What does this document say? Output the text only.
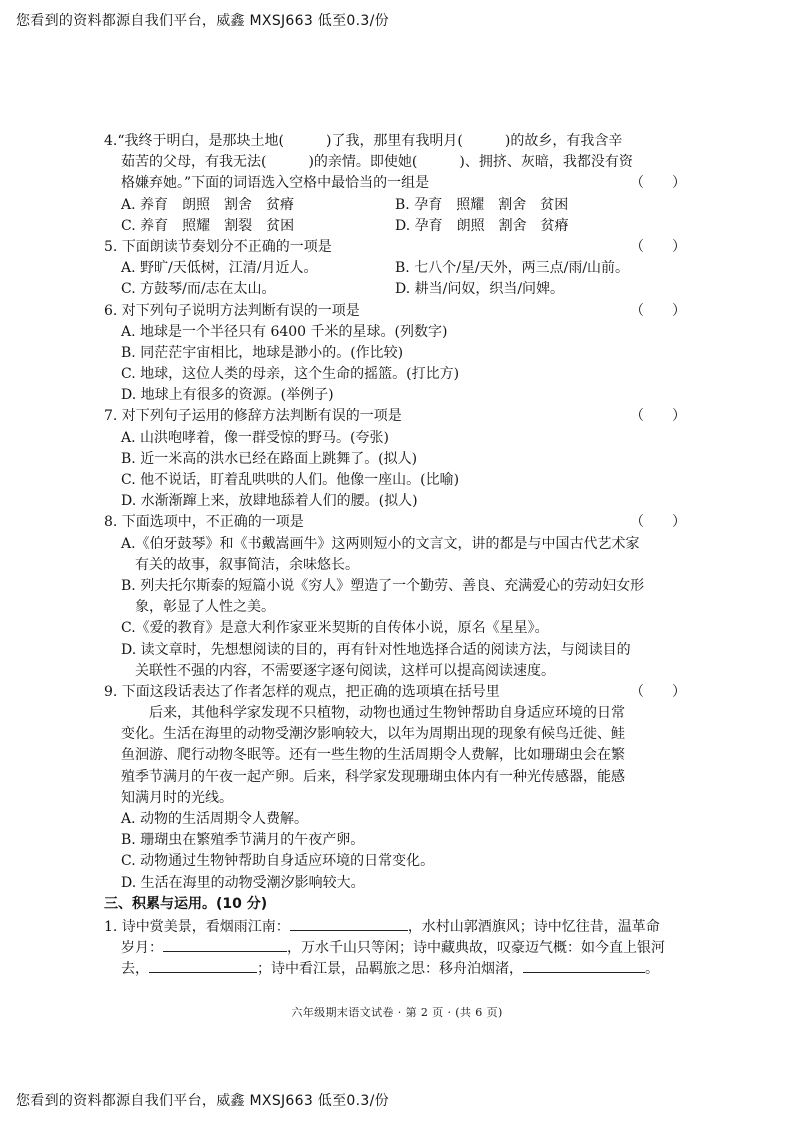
您看到的资料都源自我们平台，威鑫 MXSJ663 低至0.3/份
4.“我终于明白，是那块土地(　　　)了我，那里有我明月(　　　)的故乡，有我含辛
茹苦的父母，有我无法(　　　)的亲情。即使她(　　　)、拥挤、灰暗，我都没有资
格嫌弃她。”下面的词语选入空格中最恰当的一组是	（　　）
A. 养育　朗照　割舍　贫瘠	B. 孕育　照耀　割舍　贫困
C. 养育　照耀　割裂　贫困	D. 孕育　朗照　割舍　贫瘠
5. 下面朗读节奏划分不正确的一项是	（　　）
A. 野旷/天低树，江清/月近人。	B. 七八个/星/天外，两三点/雨/山前。
C. 方鼓琴/而/志在太山。	D. 耕当/问奴，织当/问婢。
6. 对下列句子说明方法判断有误的一项是	（　　）
A. 地球是一个半径只有 6400 千米的星球。(列数字)
B. 同茫茫宇宙相比，地球是渺小的。(作比较)
C. 地球，这位人类的母亲，这个生命的摇篮。(打比方)
D. 地球上有很多的资源。(举例子)
7. 对下列句子运用的修辞方法判断有误的一项是	（　　）
A. 山洪咆哮着，像一群受惊的野马。(夸张)
B. 近一米高的洪水已经在路面上跳舞了。(拟人)
C. 他不说话，盯着乱哄哄的人们。他像一座山。(比喻)
D. 水渐渐蹿上来，放肆地舔着人们的腰。(拟人)
8. 下面选项中，不正确的一项是	（　　）
A.《伯牙鼓琴》和《书戴嵩画牛》这两则短小的文言文，讲的都是与中国古代艺术家
有关的故事，叙事简洁，余味悠长。
B. 列夫托尔斯泰的短篇小说《穷人》塑造了一个勤劳、善良、充满爱心的劳动妇女形
象，彰显了人性之美。
C.《爱的教育》是意大利作家亚米契斯的自传体小说，原名《星星》。
D. 读文章时，先想想阅读的目的，再有针对性地选择合适的阅读方法，与阅读目的
关联性不强的内容，不需要逐字逐句阅读，这样可以提高阅读速度。
9. 下面这段话表达了作者怎样的观点，把正确的选项填在括号里	（　　）
后来，其他科学家发现不只植物，动物也通过生物钟帮助自身适应环境的日常
变化。生活在海里的动物受潮汐影响较大，以年为周期出现的现象有候鸟迁徙、鲑
鱼洄游、爬行动物冬眠等。还有一些生物的生活周期令人费解，比如珊瑚虫会在繁
殖季节满月的午夜一起产卵。后来，科学家发现珊瑚虫体内有一种光传感器，能感
知满月时的光线。
A. 动物的生活周期令人费解。
B. 珊瑚虫在繁殖季节满月的午夜产卵。
C. 动物通过生物钟帮助自身适应环境的日常变化。
D. 生活在海里的动物受潮汐影响较大。
三、积累与运用。(10 分)
1. 诗中赏美景，看烟雨江南：	，水村山郭酒旗风；诗中忆往昔，温革命
岁月：	，万水千山只等闲；诗中藏典故，叹豪迈气概：如今直上银河
去，	；诗中看江景，品羁旅之思：移舟泊烟渚，	。
六年级期末语文试卷 · 第 2 页 · (共 6 页)
您看到的资料都源自我们平台，威鑫 MXSJ663 低至0.3/份
